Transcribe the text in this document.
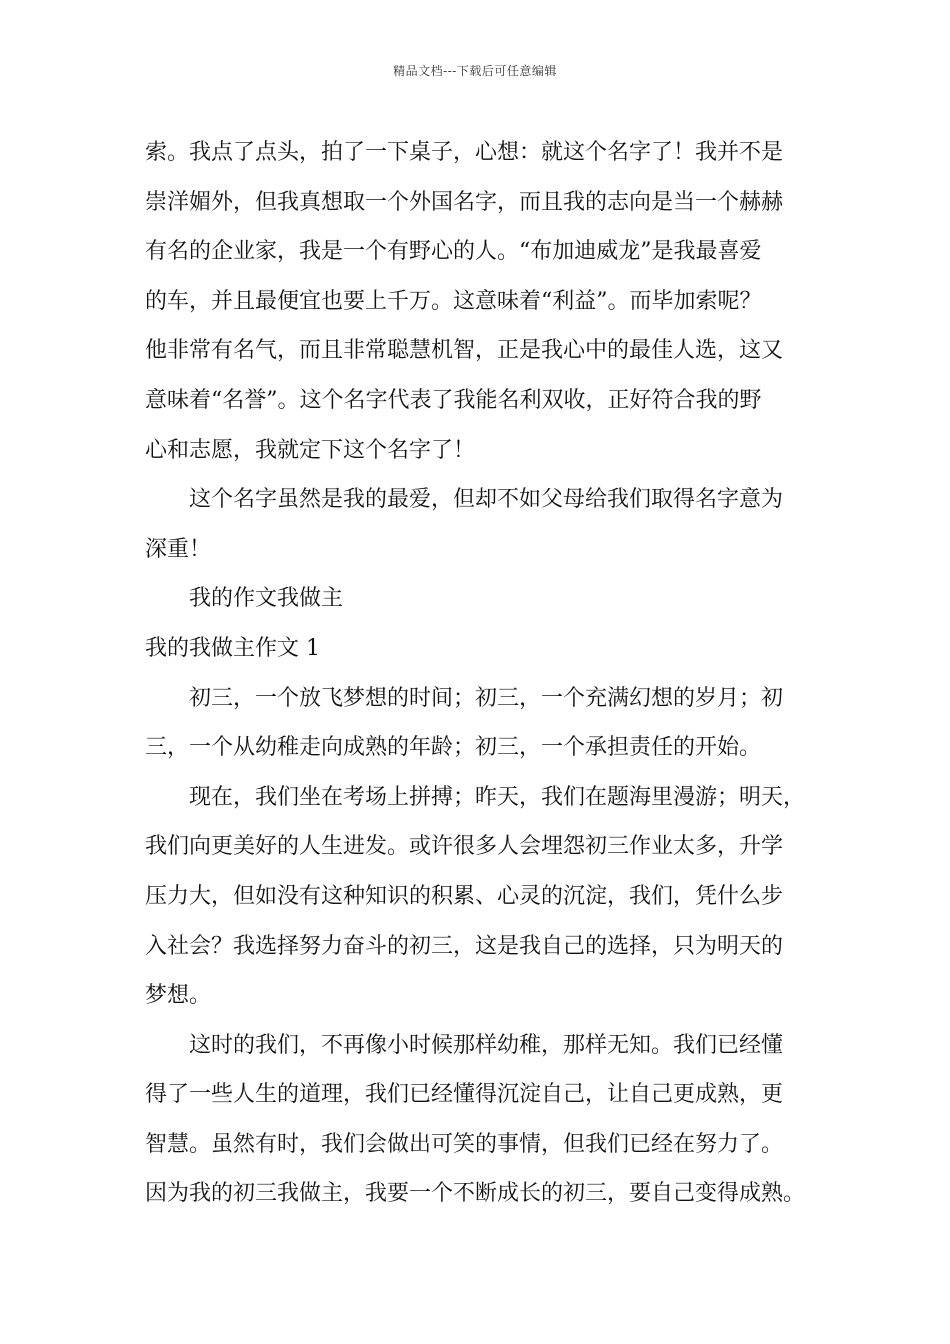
精品文档---下载后可任意编辑
索。我点了点头，拍了一下桌子，心想：就这个名字了！我并不是
崇洋媚外，但我真想取一个外国名字，而且我的志向是当一个赫赫
有名的企业家，我是一个有野心的人。“布加迪威龙”是我最喜爱
的车，并且最便宜也要上千万。这意味着“利益”。而毕加索呢？
他非常有名气，而且非常聪慧机智，正是我心中的最佳人选，这又
意味着“名誉”。这个名字代表了我能名利双收，正好符合我的野
心和志愿，我就定下这个名字了！
这个名字虽然是我的最爱，但却不如父母给我们取得名字意为
深重！
我的作文我做主
我的我做主作文 1
初三，一个放飞梦想的时间；初三，一个充满幻想的岁月；初
三，一个从幼稚走向成熟的年龄；初三，一个承担责任的开始。
现在，我们坐在考场上拼搏；昨天，我们在题海里漫游；明天，
我们向更美好的人生进发。或许很多人会埋怨初三作业太多，升学
压力大，但如没有这种知识的积累、心灵的沉淀，我们，凭什么步
入社会？我选择努力奋斗的初三，这是我自己的选择，只为明天的
梦想。
这时的我们，不再像小时候那样幼稚，那样无知。我们已经懂
得了一些人生的道理，我们已经懂得沉淀自己，让自己更成熟，更
智慧。虽然有时，我们会做出可笑的事情，但我们已经在努力了。
因为我的初三我做主，我要一个不断成长的初三，要自己变得成熟。
